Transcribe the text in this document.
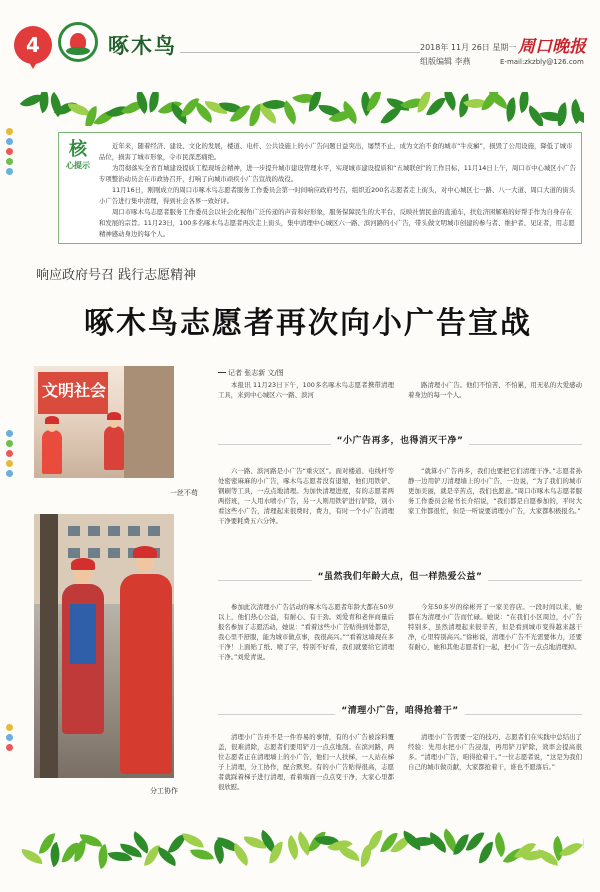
4	啄木鸟	2018年 11月 26日 星期一
组版编辑 李燕
周口晚报
E-mail:zkzbly@126.com
核
心提示

近年来，随着经济、建设、文化的发展，楼道、电杆、公共设施上的小广告问题日益突出，屡禁不止，成为文治不食的城市“牛皮癣”，损毁了公用设施，降低了城市品位，损害了城市形象，令市民深恶痛绝。

为贯彻落实全省百城建设提质工程现场会精神，进一步提升城市建设管理水平，实现城市建设提质和“五城联创”的工作目标，11月14日上午，周口市中心城区小广告专项整治动员会在市政协召开，打响了向城市顽疾小广告宣战的战役。

11月16日，刚刚成立的周口市啄木鸟志愿者服务工作委员会第一时间响应政府号召，组织近200名志愿者走上街头，对中心城区七一路、八一大道、周口大道的街头小广告进行集中清理，得到社会各界一致好评。

周口市啄木鸟志愿者服务工作委员会以社会化视角广泛传递的声音和好形象，服务保障民生的大平台，反映社情民意的直通车，扶危济困解难的好帮手作为自身存在和发展的宗旨。11月23日，100多名啄木鸟志愿者再次走上街头，集中清理中心城区六一路、滨河路的小广告，带头做文明城市创建的参与者、维护者、见证者，用志愿精神感动身边的每个人。

响应政府号召 践行志愿精神
啄木鸟志愿者再次向小广告宣战
文明社会
一丝不苟
分工协作
记者 张志新 文/图

本报讯 11月23日下午，100多名啄木鸟志愿者携带清理工具，来到中心城区六一路、滨河

路清理小广告。他们不怕苦、不怕累，用无私的大爱感动着身边的每一个人。

“小广告再多，也得消灭干净”

六一路、滨河路是小广告“重灾区”。面对楼道、电线杆等处密密麻麻的小广告，啄木鸟志愿者没有退缩，他们用铁铲、钢刷等工具，一点点地清理。为加快清理进度，有的志愿者两两搭班，一人用水喷小广告，另一人则用铁铲进行铲除，别小看这些小广告，清理起来很费时，费力，有时一个小广告清理干净要耗费五六分钟。

“就算小广告再多，我们也要把它们清理干净。”志愿者孙静一边用铲刀清理墙上的小广告，一边说，“为了我们的城市更加美丽，就是辛苦点，我们也愿意。”周口市啄木鸟志愿者服务工作委员会秘书长介绍说，“我们都是自愿参加的，平时大家工作都很忙，但是一听说要清理小广告，大家都积极报名。”

“虽然我们年龄大点，但一样热爱公益”

参加此次清理小广告活动的啄木鸟志愿者年龄大都在50岁以上，他们热心公益，有耐心、有干劲。刘爱青和老伴商量后报名参加了志愿活动，她说：“看着这些小广告贴得到处都是，我心里不舒服，能为城市做点事，我很高兴。”“看着这墙现在多干净！上面贴了纸、喷了字，特别不好看，我们就要给它清理干净。”刘爱青说。

今年50多岁的徐彬开了一家美容店。一段时间以来，她都在为清理小广告而忙碌。她说：“在我们小区周边，小广告特别多，虽然清理起来很辛苦，但是看到城市变得越来越干净，心里特别高兴。”徐彬说，清理小广告不光需要体力，还要有耐心，她和其他志愿者们一起，把小广告一点点地清理掉。

“清理小广告，咱得抢着干”

清理小广告并不是一件容易的事情，有的小广告被涂料覆盖，很难清除，志愿者们要用铲刀一点点地刮。在滨河路，两位志愿者正在清理墙上的小广告，他们一人扶梯，一人站在梯子上清理，分工协作，配合默契。有的小广告贴得很高，志愿者就踩着梯子进行清理，看着墙面一点点变干净，大家心里都很欣慰。

清理小广告需要一定的技巧，志愿者们在实践中总结出了经验：先用水把小广告浸湿，再用铲刀铲除，效率会提高很多。“清理小广告，咱得抢着干。”一位志愿者说，“这是为我们自己的城市做贡献，大家都抢着干，谁也不愿落后。”
